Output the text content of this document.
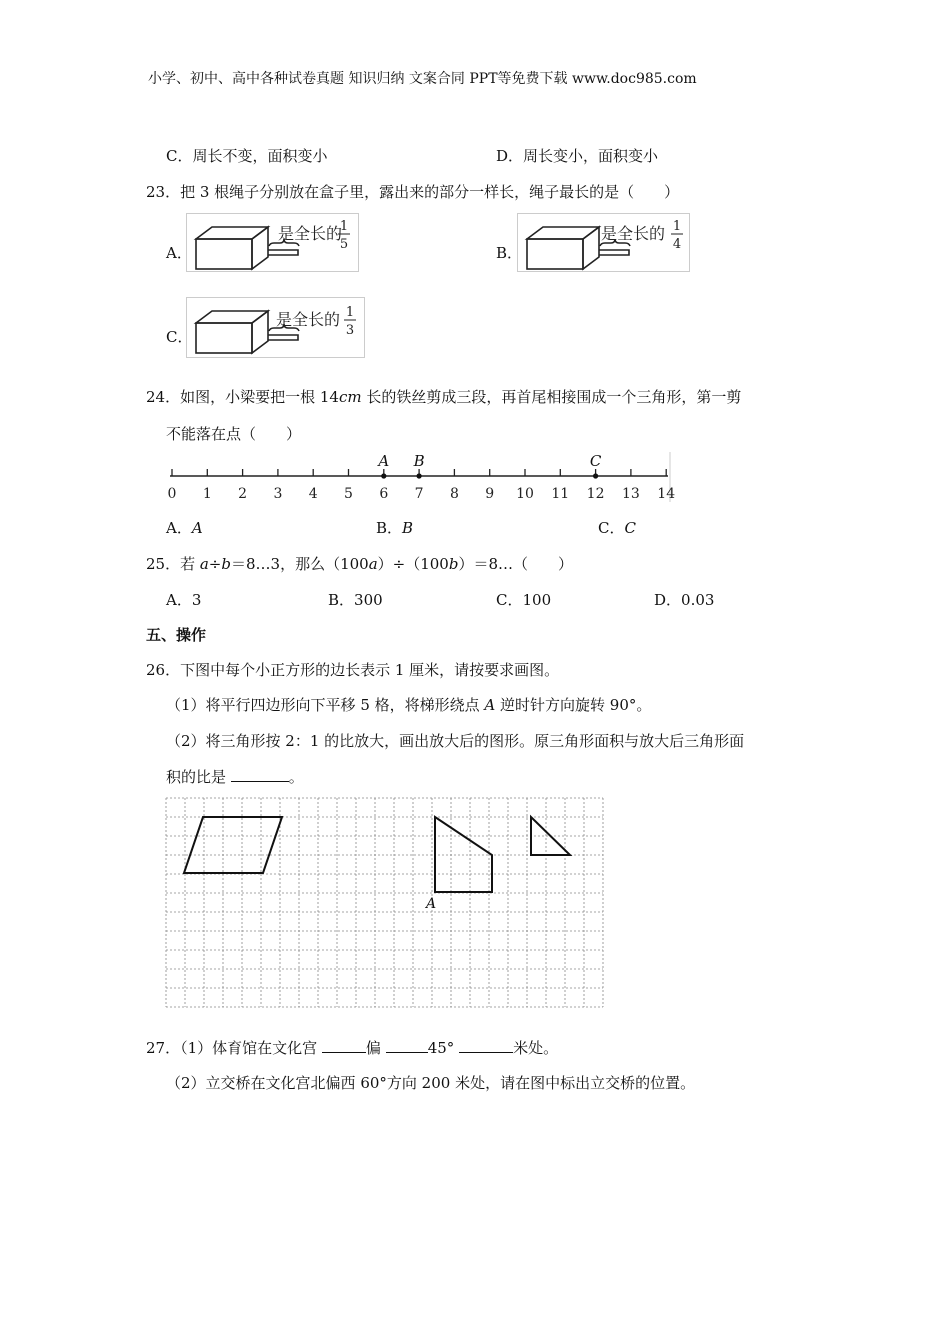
小学、初中、高中各种试卷真题 知识归纳 文案合同 PPT等免费下载 www.doc985.com
C．周长不变，面积变小	D．周长变小，面积变小
23．把 3 根绳子分别放在盒子里，露出来的部分一样长，绳子最长的是（　　）
A．
是全长的
1
5	B．
是全长的 1
4
C．
是全长的 1
3
24．如图，小梁要把一根 14cm 长的铁丝剪成三段，再首尾相接围成一个三角形，第一剪
不能落在点（　　）
0 1 2 3 4 5 6 7 8 9 10 11 12 13 14
A B	C
A．A	B．B	C．C
25．若 a÷b＝8…3，那么（100a）÷（100b）＝8…（　　）
A．3	B．300	C．100	D．0.03
五、操作
26．下图中每个小正方形的边长表示 1 厘米，请按要求画图。
（1）将平行四边形向下平移 5 格，将梯形绕点 A 逆时针方向旋转 90°。
（2）将三角形按 2：1 的比放大，画出放大后的图形。原三角形面积与放大后三角形面
积的比是	。
A
27．（1）体育馆在文化宫	偏	45°	米处。
（2）立交桥在文化宫北偏西 60°方向 200 米处，请在图中标出立交桥的位置。
